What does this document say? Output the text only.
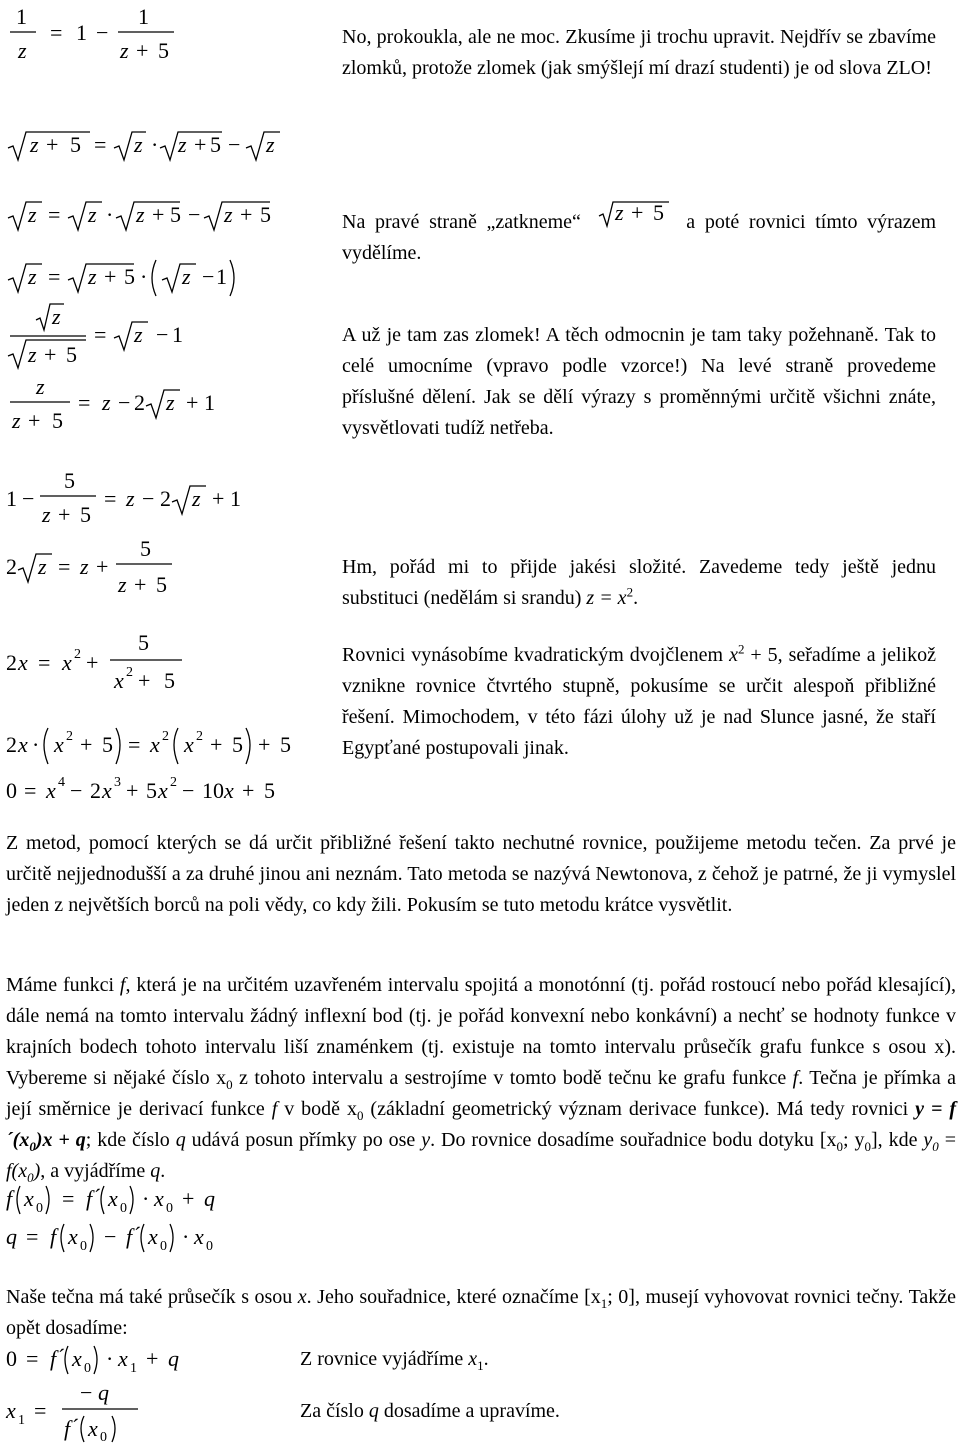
1
z
= 1 −
1
z + 5
z + 5 = z · z + 5 − z
z = z · z + 5 − z + 5
z = z + 5 · z − 1
z
z + 5
= z − 1
z
z + 5
= z − 2 z + 1
1 −
5
z + 5
= z − 2 z + 1
2 z = z +
5
z + 5
2 x = x 2 +
5
x 2 + 5
2 x · x 2 + 5 = x 2 x 2 + 5 + 5
0 = x 4 − 2 x 3 + 5 x 2 − 10 x + 5

No, prokoukla, ale ne moc. Zkusíme ji trochu upravit. Nejdřív se zbavíme zlomků, protože zlomek (jak smýšlejí mí drazí studenti) je od slova ZLO!

Na pravé straně „zatkneme“ z + 5 a poté rovnici tímto výrazem vydělíme.

A už je tam zas zlomek! A těch odmocnin je tam taky požehnaně. Tak to celé umocníme (vpravo podle vzorce!) Na levé straně provedeme příslušné dělení. Jak se dělí výrazy s proměnnými určitě všichni znáte, vysvětlovati tudíž netřeba.

Hm, pořád mi to přijde jakési složité. Zavedeme tedy ještě jednu substituci (nedělám si srandu) $z = x^2$.

Rovnici vynásobíme kvadratickým dvojčlenem $x^2 + 5$, seřadíme a jelikož vznikne rovnice čtvrtého stupně, pokusíme se určit alespoň přibližné řešení. Mimochodem, v této fázi úlohy už je nad Slunce jasné, že staří Egypťané postupovali jinak.

Z metod, pomocí kterých se dá určit přibližné řešení takto nechutné rovnice, použijeme metodu tečen. Za prvé je určitě nejjednodušší a za druhé jinou ani neznám. Tato metoda se nazývá Newtonova, z čehož je patrné, že ji vymyslel jeden z největších borců na poli vědy, co kdy žili. Pokusím se tuto metodu krátce vysvětlit.

Máme funkci f, která je na určitém uzavřeném intervalu spojitá a monotónní (tj. pořád rostoucí nebo pořád klesající), dále nemá na tomto intervalu žádný inflexní bod (tj. je pořád konvexní nebo konkávní) a nechť se hodnoty funkce v krajních bodech tohoto intervalu liší znaménkem (tj. existuje na tomto intervalu průsečík grafu funkce s osou x). Vybereme si nějaké číslo $x_0$ z tohoto intervalu a sestrojíme v tomto bodě tečnu ke grafu funkce f. Tečna je přímka a její směrnice je derivací funkce f v bodě $x_0$ (základní geometrický význam derivace funkce). Má tedy rovnici $y = f´(x_0)x + q$; kde číslo q udává posun přímky po ose y. Do rovnice dosadíme souřadnice bodu dotyku [$x_0$; $y_0$], kde $y_0 = f(x_0)$, a vyjádříme q.

f x 0 = f ´ x 0 · x 0 + q
q = f x 0 − f ´ x 0 · x 0

Naše tečna má také průsečík s osou x. Jeho souřadnice, které označíme [$x_1$; 0], musejí vyhovovat rovnici tečny. Takže opět dosadíme:

0 = f ´ x 0 · x 1 + q	Z rovnice vyjádříme $x_1$.

x 1 =
− q
f ´ x 0

Za číslo q dosadíme a upravíme.
